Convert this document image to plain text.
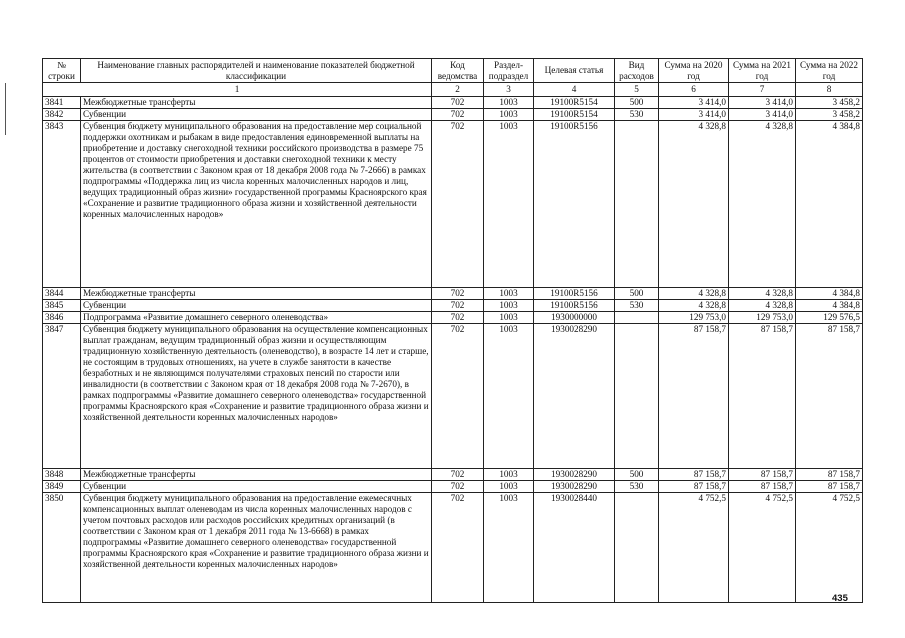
№ строки	Наименование главных распорядителей и наименование показателей бюджетной классификации	Код ведомства	Раздел- подраздел	Целевая статья	Вид расходов	Сумма на 2020 год	Сумма на 2021 год	Сумма на 2022 год
1		2	3	4	5	6	7	8
3841	Межбюджетные трансферты	702	1003	19100R5154	500	3 414,0	3 414,0	3 458,2
3842	Субвенции	702	1003	19100R5154	530	3 414,0	3 414,0	3 458,2
3843	Субвенция бюджету муниципального образования на предоставление мер социальной поддержки охотникам и рыбакам в виде предоставления единовременной выплаты на приобретение и доставку снегоходной техники российского производства в размере 75 процентов от стоимости приобретения и доставки снегоходной техники к месту жительства (в соответствии с Законом края от 18 декабря 2008 года № 7-2666) в рамках подпрограммы «Поддержка лиц из числа коренных малочисленных народов и лиц, ведущих традиционный образ жизни» государственной программы Красноярского края «Сохранение и развитие традиционного образа жизни и хозяйственной деятельности коренных малочисленных народов»	702	1003	19100R5156		4 328,8	4 328,8	4 384,8
3844	Межбюджетные трансферты	702	1003	19100R5156	500	4 328,8	4 328,8	4 384,8
3845	Субвенции	702	1003	19100R5156	530	4 328,8	4 328,8	4 384,8
3846	Подпрограмма «Развитие домашнего северного оленеводства»	702	1003	1930000000		129 753,0	129 753,0	129 576,5
3847	Субвенция бюджету муниципального образования на осуществление компенсационных выплат гражданам, ведущим традиционный образ жизни и осуществляющим традиционную хозяйственную деятельность (оленеводство), в возрасте 14 лет и старше, не состоящим в трудовых отношениях, на учете в службе занятости в качестве безработных и не являющимся получателями страховых пенсий по старости или инвалидности (в соответствии с Законом края от 18 декабря 2008 года № 7-2670), в рамках подпрограммы «Развитие домашнего северного оленеводства» государственной программы Красноярского края «Сохранение и развитие традиционного образа жизни и хозяйственной деятельности коренных малочисленных народов»	702	1003	1930028290		87 158,7	87 158,7	87 158,7
3848	Межбюджетные трансферты	702	1003	1930028290	500	87 158,7	87 158,7	87 158,7
3849	Субвенции	702	1003	1930028290	530	87 158,7	87 158,7	87 158,7
3850	Субвенция бюджету муниципального образования на предоставление ежемесячных компенсационных выплат оленеводам из числа коренных малочисленных народов с учетом почтовых расходов или расходов российских кредитных организаций (в соответствии с Законом края от 1 декабря 2011 года № 13-6668) в рамках подпрограммы «Развитие домашнего северного оленеводства» государственной программы Красноярского края «Сохранение и развитие традиционного образа жизни и хозяйственной деятельности коренных малочисленных народов»	702	1003	1930028440		4 752,5	4 752,5	4 752,5
435
